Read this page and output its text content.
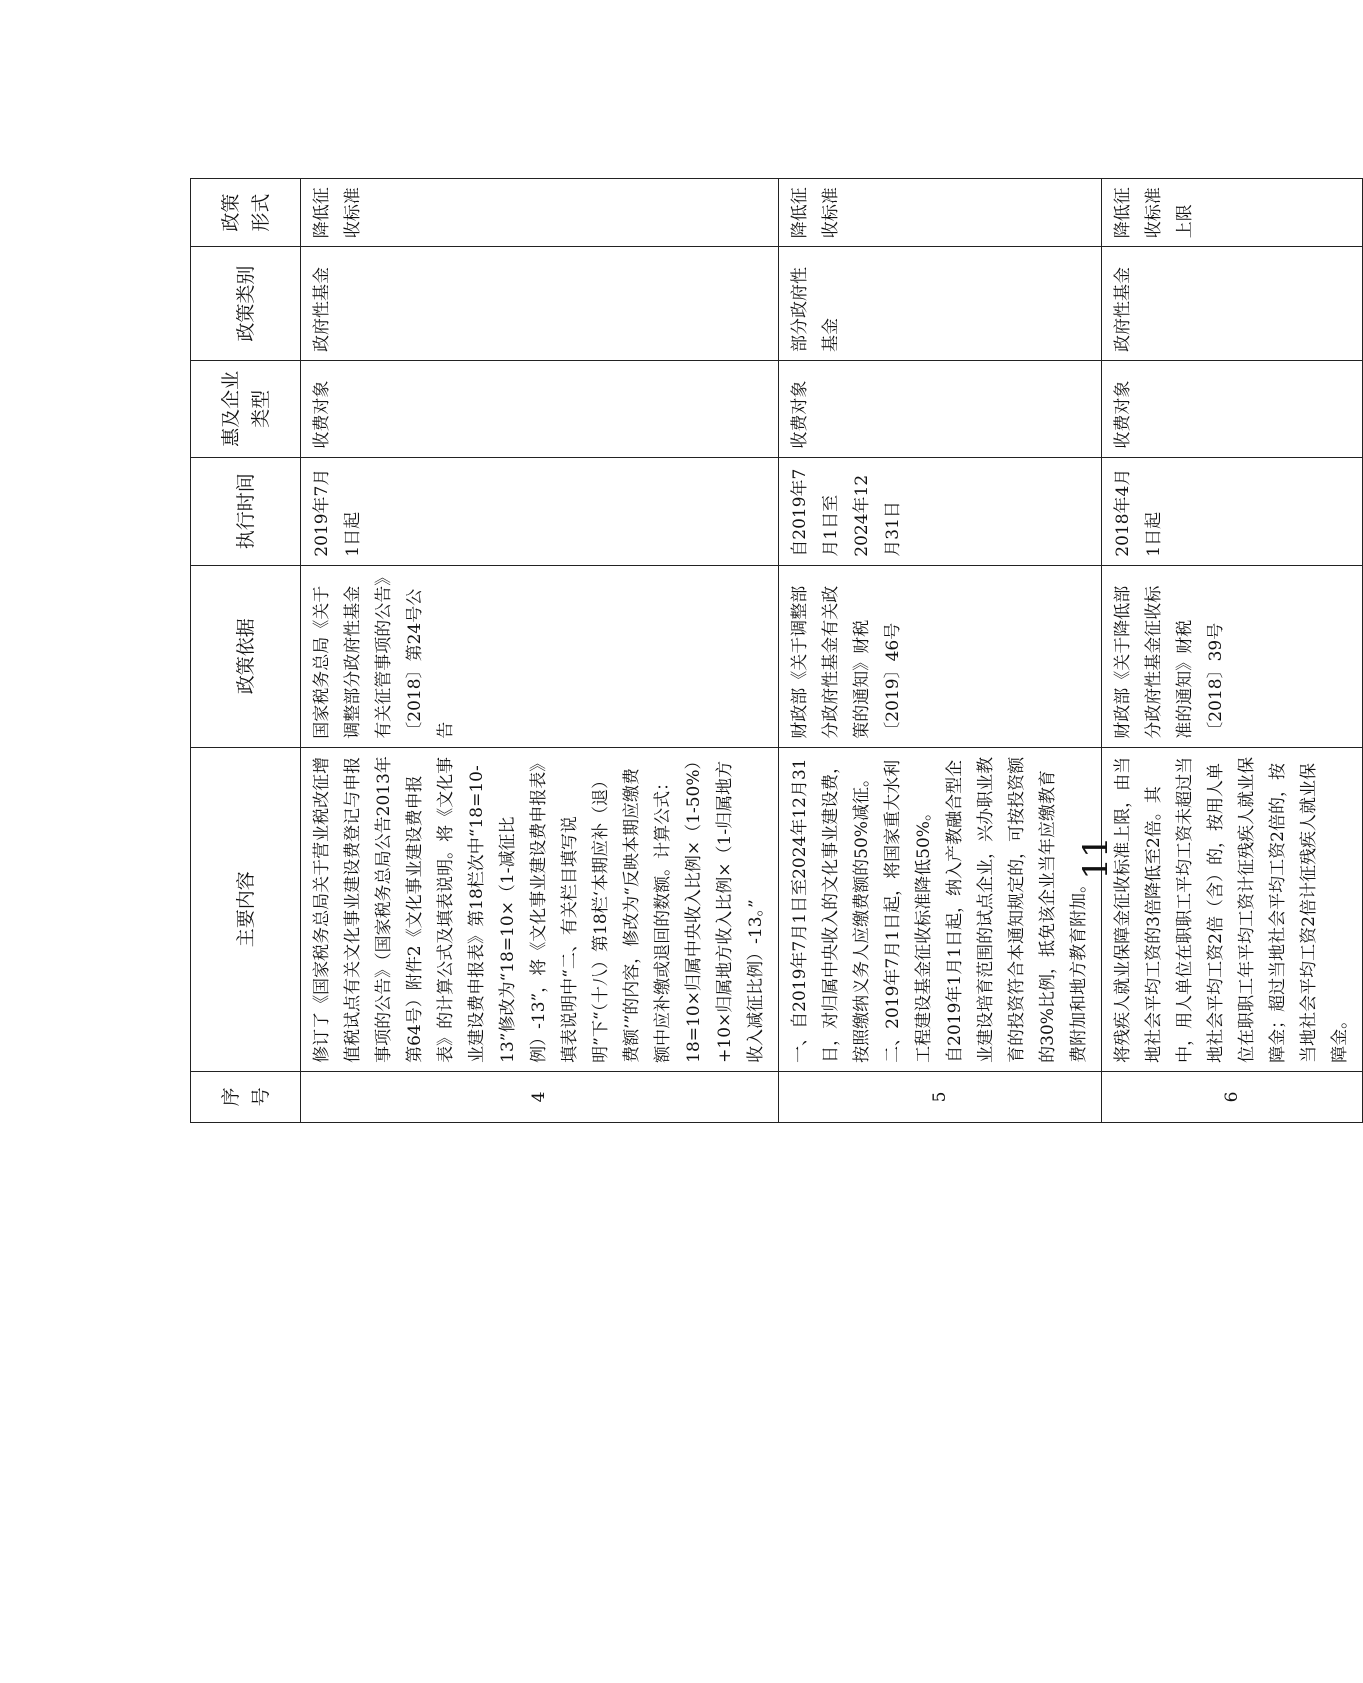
序号	主要内容	政策依据	执行时间	惠及企业类型	政策类别	政策形式
4	修订了《国家税务总局关于营业税改征增值税试点有关文化事业建设费登记与申报事项的公告》（国家税务总局公告2013年第64号）附件2《文化事业建设费申报表》的计算公式及填表说明。将《文化事业建设费申报表》第18栏次中“18=10-13”修改为“18=10×（1-减征比例）-13”，将《文化事业建设费申报表》填表说明中“二、有关栏目填写说明”下“（十八）第18栏‘本期应补（退）费额’”的内容，修改为“反映本期应缴费额中应补缴或退回的数额。计算公式：18=10×归属中央收入比例×（1-50%）+10×归属地方收入比例×（1-归属地方收入减征比例）-13。”	国家税务总局《关于调整部分政府性基金有关征管事项的公告》〔2018〕第24号公告	2019年7月1日起	收费对象	政府性基金	降低征收标准
5	一、自2019年7月1日至2024年12月31日，对归属中央收入的文化事业建设费，按照缴纳义务人应缴费额的50%减征。 二、2019年7月1日起，将国家重大水利工程建设基金征收标准降低50%。 自2019年1月1日起，纳入产教融合型企业建设培育范围的试点企业，兴办职业教育的投资符合本通知规定的，可按投资额的30%比例，抵免该企业当年应缴教育费附加和地方教育附加。	财政部《关于调整部分政府性基金有关政策的通知》财税〔2019〕46号	自2019年7月1日至2024年12月31日	收费对象	部分政府性基金	降低征收标准
6	将残疾人就业保障金征收标准上限，由当地社会平均工资的3倍降低至2倍。其中，用人单位在职职工平均工资未超过当地社会平均工资2倍（含）的，按用人单位在职职工年平均工资计征残疾人就业保障金；超过当地社会平均工资2倍的，按当地社会平均工资2倍计征残疾人就业保障金。	财政部《关于降低部分政府性基金征收标准的通知》财税〔2018〕39号	2018年4月1日起	收费对象	政府性基金	降低征收标准上限
11
